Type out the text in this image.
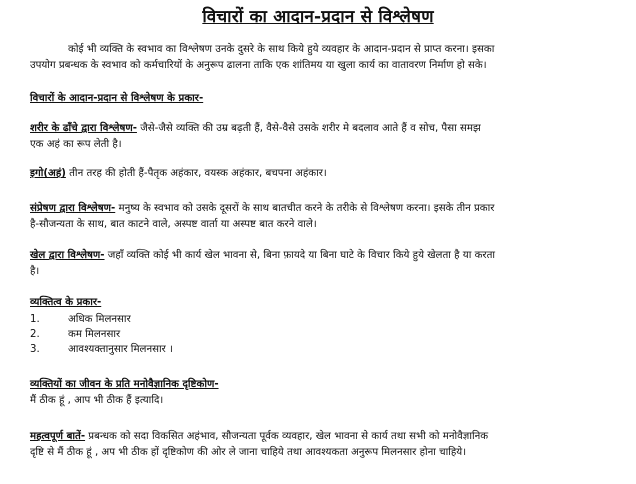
विचारों का आदान-प्रदान से विश्लेषण
कोई भी व्यक्ति के स्वभाव का विश्लेषण उनके दुसरे के साथ किये हुये व्यवहार के आदान-प्रदान से प्राप्त करना। इसका
उपयोग प्रबन्धक के स्वभाव को कर्मचारियों के अनुरूप ढालना ताकि एक शांतिमय या खुला कार्य का वातावरण निर्माण हो सके।
विचारों के आदान-प्रदान से विश्लेषण के प्रकार-
शरीर के ढाँचे द्वारा विश्लेषण- जैसे-जैसे व्यक्ति की उम्र बढ़ती हैं, वैसे-वैसे उसके शरीर मे बदलाव आते हैं व सोच, पैसा समझ
एक अहं का रूप लेती है।
इगो(अहं) तीन तरह की होती हैं-पैतृक अहंकार, वयस्क अहंकार, बचपना अहंकार।
संप्रेषण द्वारा विश्लेषण- मनुष्य के स्वभाव को उसके दूसरों के साथ बातचीत करने के तरीके से विश्लेषण करना। इसके तीन प्रकार
है-सौजन्यता के साथ, बात काटने वाले, अस्पष्ट वार्ता या अस्पष्ट बात करने वाले।
खेल द्वारा विश्लेषण- जहाँ व्यक्ति कोई भी कार्य खेल भावना से, बिना फ़ायदे या बिना घाटे के विचार किये हुये खेलता है या करता
है।
व्यक्तित्व के प्रकार-
1.	अधिक मिलनसार
2.	कम मिलनसार
3.	आवश्यक्तानुसार मिलनसार ।
व्यक्तियों का जीवन के प्रति मनोवैज्ञानिक दृष्टिकोण-
मैं ठीक हूं , आप भी ठीक हैं इत्यादि।
महत्वपूर्ण बातें- प्रबन्धक को सदा विकसित अहंभाव, सौजन्यता पूर्वक व्यवहार, खेल भावना से कार्य तथा सभी को मनोवैज्ञानिक
दृष्टि से मैं ठीक हूं , अप भी ठीक हों दृष्टिकोण की ओर ले जाना चाहिये तथा आवश्यकता अनुरूप मिलनसार होना चाहिये।
